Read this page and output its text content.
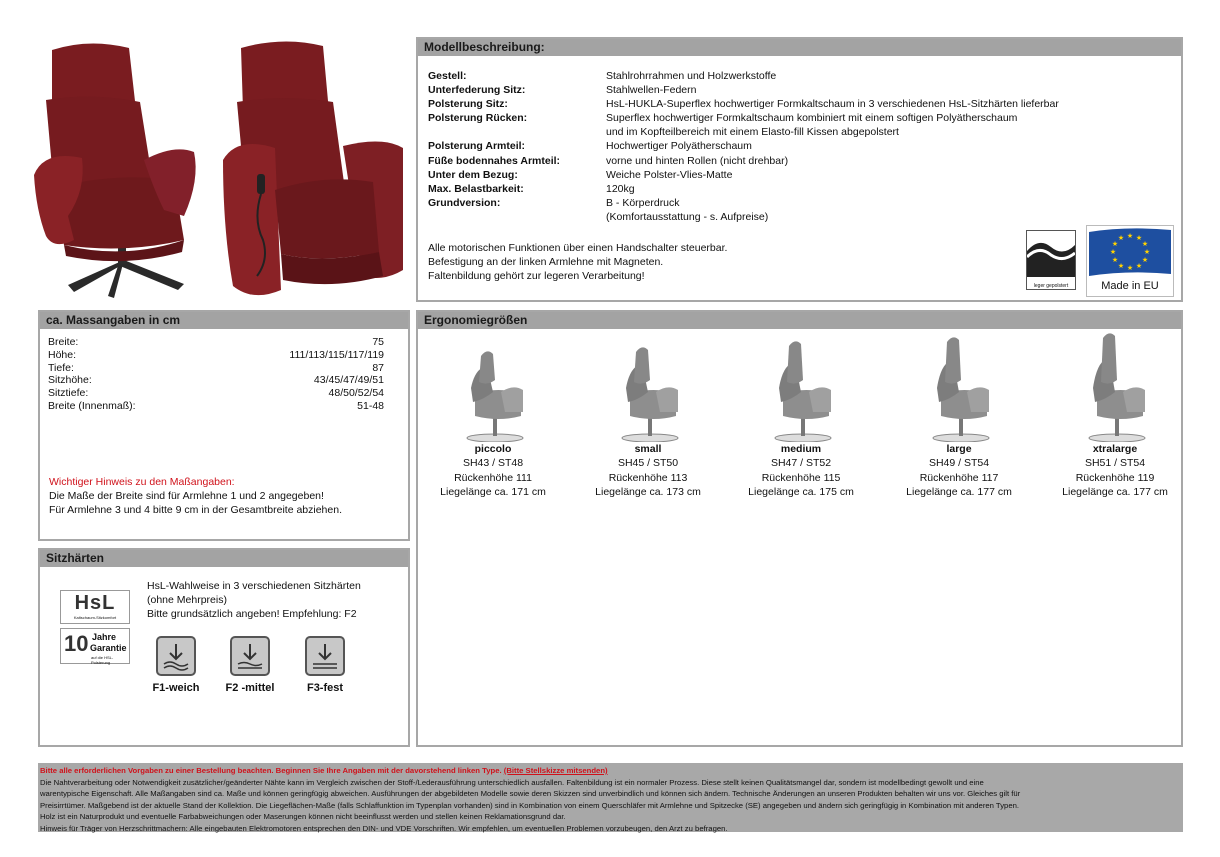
Modellbeschreibung:
Gestell:	Stahlrohrrahmen und Holzwerkstoffe
Unterfederung Sitz:	Stahlwellen-Federn
Polsterung Sitz:	HsL-HUKLA-Superflex hochwertiger Formkaltschaum in 3 verschiedenen HsL-Sitzhärten lieferbar
Polsterung Rücken:	Superflex hochwertiger Formkaltschaum kombiniert mit einem softigen Polyätherschaum
und im Kopfteilbereich mit einem Elasto-fill Kissen abgepolstert
Polsterung Armteil:	Hochwertiger Polyätherschaum
Füße bodennahes Armteil:	vorne und hinten Rollen (nicht drehbar)
Unter dem Bezug:	Weiche Polster-Vlies-Matte
Max. Belastbarkeit:	120kg
Grundversion:	B - Körperdruck
(Komfortausstattung - s. Aufpreise)
Alle motorischen Funktionen über einen Handschalter steuerbar.
Befestigung an der linken Armlehne mit Magneten.
Faltenbildung gehört zur legeren Verarbeitung!
leger gepolstert
★ ★
★
★
★
★
★
★
★
★
★
★
Made in EU
ca. Massangaben in cm
Breite:	75
Höhe:	111/113/115/117/119
Tiefe:	87
Sitzhöhe:	43/45/47/49/51
Sitztiefe:	48/50/52/54
Breite (Innenmaß):	51-48
Wichtiger Hinweis zu den Maßangaben:
Die Maße der Breite sind für Armlehne 1 und 2 angegeben!
Für Armlehne 3 und 4 bitte 9 cm in der Gesamtbreite abziehen.
Ergonomiegrößen
piccolo
SH43 / ST48
Rückenhöhe 111
Liegelänge ca. 171 cm
small
SH45 / ST50
Rückenhöhe 113
Liegelänge ca. 173 cm
medium
SH47 / ST52
Rückenhöhe 115
Liegelänge ca. 175 cm
large
SH49 / ST54
Rückenhöhe 117
Liegelänge ca. 177 cm
xtralarge
SH51 / ST54
Rückenhöhe 119
Liegelänge ca. 177 cm
Sitzhärten
HsL-Wahlweise in 3 verschiedenen Sitzhärten
(ohne Mehrpreis)
Bitte grundsätzlich angeben! Empfehlung: F2
HsL
Kaltschaum-Sitzkomfort
10 Jahre
Garantie
auf die HSL-Polsterung
F1-weich	F2 -mittel	F3-fest
Bitte alle erforderlichen Vorgaben zu einer Bestellung beachten. Beginnen Sie Ihre Angaben mit der davorstehend linken Type. (Bitte Stellskizze mitsenden)
Die Nahtverarbeitung oder Notwendigkeit zusätzlicher/geänderter Nähte kann im Vergleich zwischen der Stoff-/Lederausführung unterschiedlich ausfallen. Faltenbildung ist ein normaler Prozess. Diese stellt keinen Qualitätsmangel dar, sondern ist modellbedingt gewollt und eine
warentypische Eigenschaft. Alle Maßangaben sind ca. Maße und können geringfügig abweichen. Ausführungen der abgebildeten Modelle sowie deren Skizzen sind unverbindlich und können sich ändern. Technische Änderungen an unseren Produkten behalten wir uns vor. Gleiches gilt für
Preisirrtümer. Maßgebend ist der aktuelle Stand der Kollektion. Die Liegeflächen-Maße (falls Schlaffunktion im Typenplan vorhanden) sind in Kombination von einem Querschläfer mit Armlehne und Spitzecke (SE) angegeben und ändern sich geringfügig in Kombination mit anderen Typen.
Holz ist ein Naturprodukt und eventuelle Farbabweichungen oder Maserungen können nicht beeinflusst werden und stellen keinen Reklamationsgrund dar.
Hinweis für Träger von Herzschrittmachern: Alle eingebauten Elektromotoren entsprechen den DIN- und VDE Vorschriften. Wir empfehlen, um eventuellen Problemen vorzubeugen, den Arzt zu befragen.
